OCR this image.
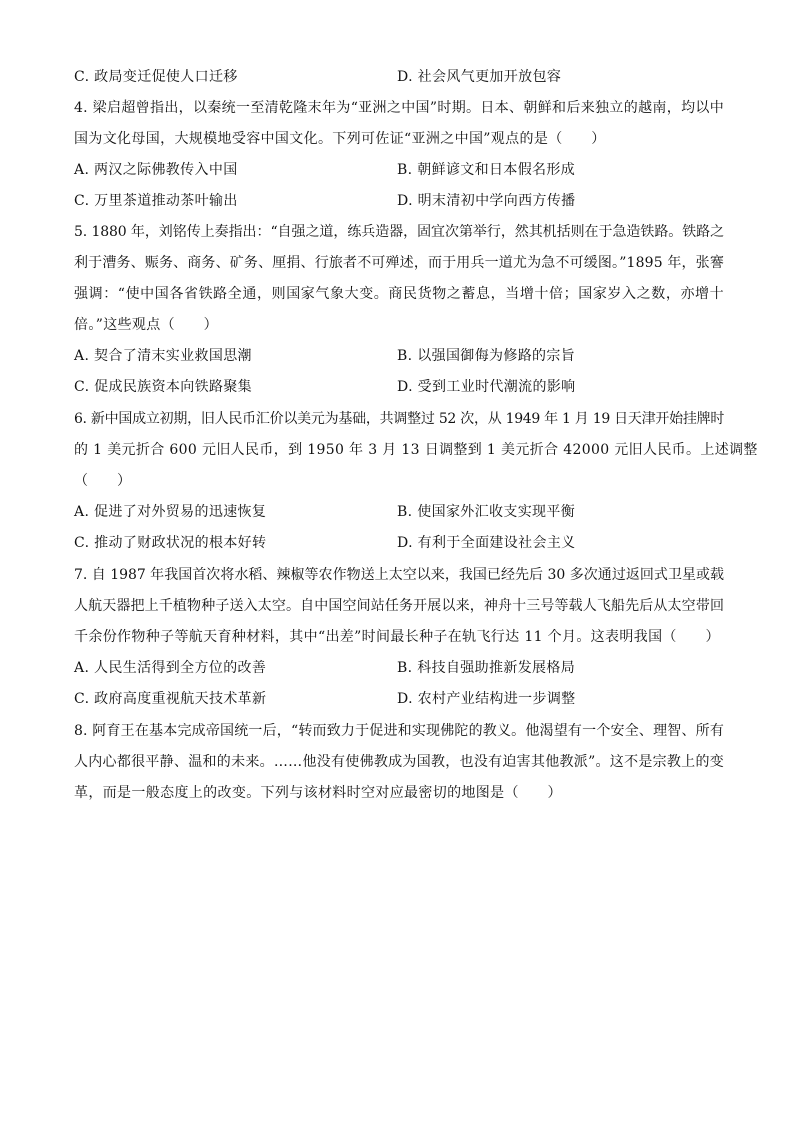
C. 政局变迁促使人口迁移	D. 社会风气更加开放包容
4. 梁启超曾指出，以秦统一至清乾隆末年为“亚洲之中国”时期。日本、朝鲜和后来独立的越南，均以中
国为文化母国，大规模地受容中国文化。下列可佐证“亚洲之中国”观点的是（　　）
A. 两汉之际佛教传入中国	B. 朝鲜谚文和日本假名形成
C. 万里茶道推动茶叶输出	D. 明末清初中学向西方传播
5. 1880 年，刘铭传上奏指出：“自强之道，练兵造器，固宜次第举行，然其机括则在于急造铁路。铁路之
利于漕务、赈务、商务、矿务、厘捐、行旅者不可殚述，而于用兵一道尤为急不可缓图。”1895 年，张謇
强调：“使中国各省铁路全通，则国家气象大变。商民货物之蓄息，当增十倍；国家岁入之数，亦增十
倍。”这些观点（　　）
A. 契合了清末实业救国思潮	B. 以强国御侮为修路的宗旨
C. 促成民族资本向铁路聚集	D. 受到工业时代潮流的影响
6. 新中国成立初期，旧人民币汇价以美元为基础，共调整过 52 次，从 1949 年 1 月 19 日天津开始挂牌时
的 1 美元折合 600 元旧人民币，到 1950 年 3 月 13 日调整到 1 美元折合 42000 元旧人民币。上述调整
（　　）
A. 促进了对外贸易的迅速恢复	B. 使国家外汇收支实现平衡
C. 推动了财政状况的根本好转	D. 有利于全面建设社会主义
7. 自 1987 年我国首次将水稻、辣椒等农作物送上太空以来，我国已经先后 30 多次通过返回式卫星或载
人航天器把上千植物种子送入太空。自中国空间站任务开展以来，神舟十三号等载人飞船先后从太空带回
千余份作物种子等航天育种材料，其中“出差”时间最长种子在轨飞行达 11 个月。这表明我国（　　）
A. 人民生活得到全方位的改善	B. 科技自强助推新发展格局
C. 政府高度重视航天技术革新	D. 农村产业结构进一步调整
8. 阿育王在基本完成帝国统一后，“转而致力于促进和实现佛陀的教义。他渴望有一个安全、理智、所有
人内心都很平静、温和的未来。……他没有使佛教成为国教，也没有迫害其他教派”。这不是宗教上的变
革，而是一般态度上的改变。下列与该材料时空对应最密切的地图是（　　）
